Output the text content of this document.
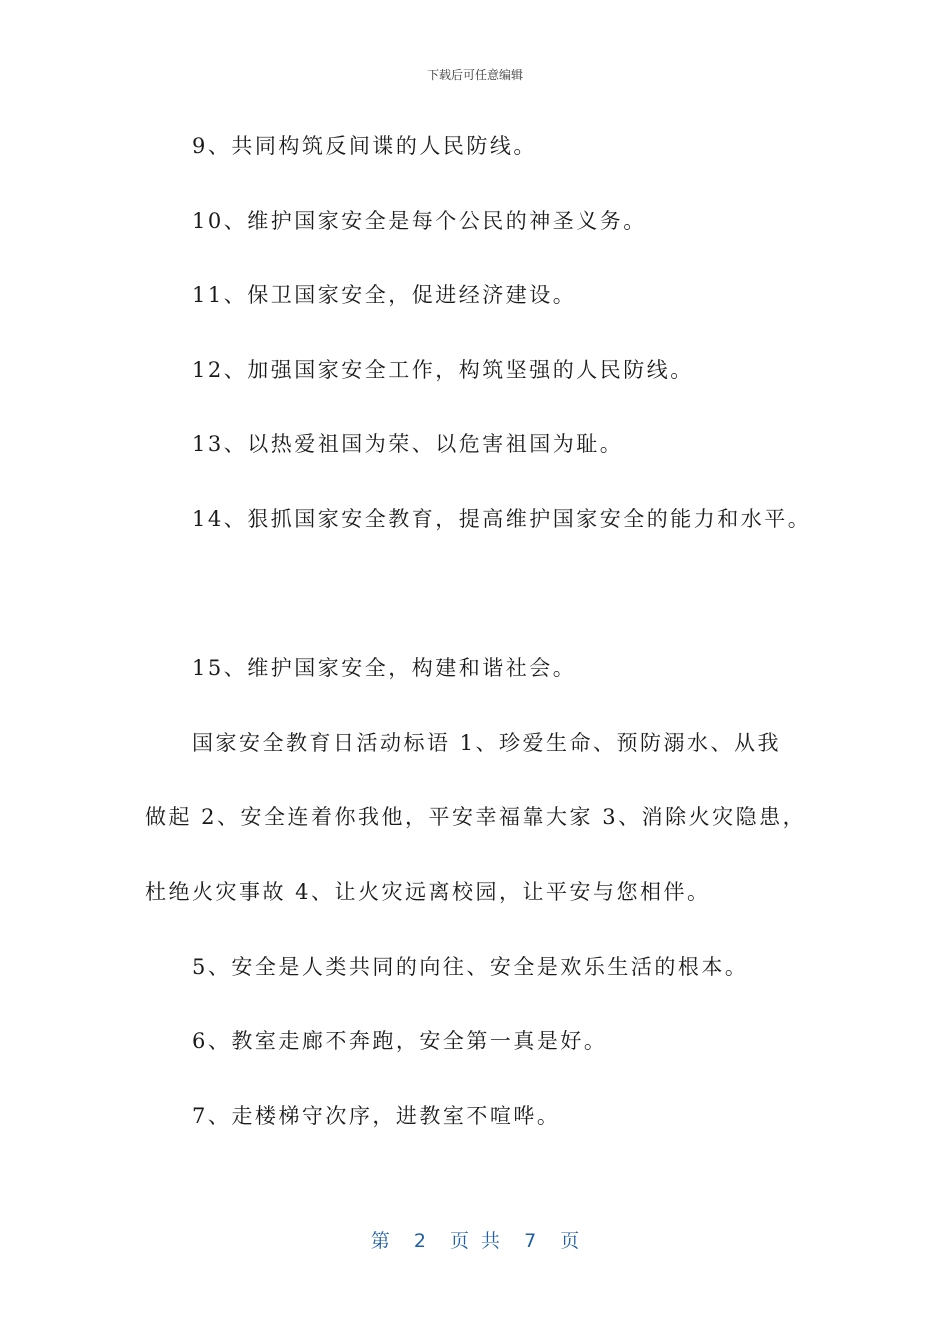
下载后可任意编辑
9、共同构筑反间谍的人民防线。
10、维护国家安全是每个公民的神圣义务。
11、保卫国家安全，促进经济建设。
12、加强国家安全工作，构筑坚强的人民防线。
13、以热爱祖国为荣、以危害祖国为耻。
14、狠抓国家安全教育，提高维护国家安全的能力和水平。
15、维护国家安全，构建和谐社会。
国家安全教育日活动标语 1、珍爱生命、预防溺水、从我
做起 2、安全连着你我他，平安幸福靠大家 3、消除火灾隐患，
杜绝火灾事故 4、让火灾远离校园，让平安与您相伴。
5、安全是人类共同的向往、安全是欢乐生活的根本。
6、教室走廊不奔跑，安全第一真是好。
7、走楼梯守次序，进教室不喧哗。
第 2 页 共 7 页
